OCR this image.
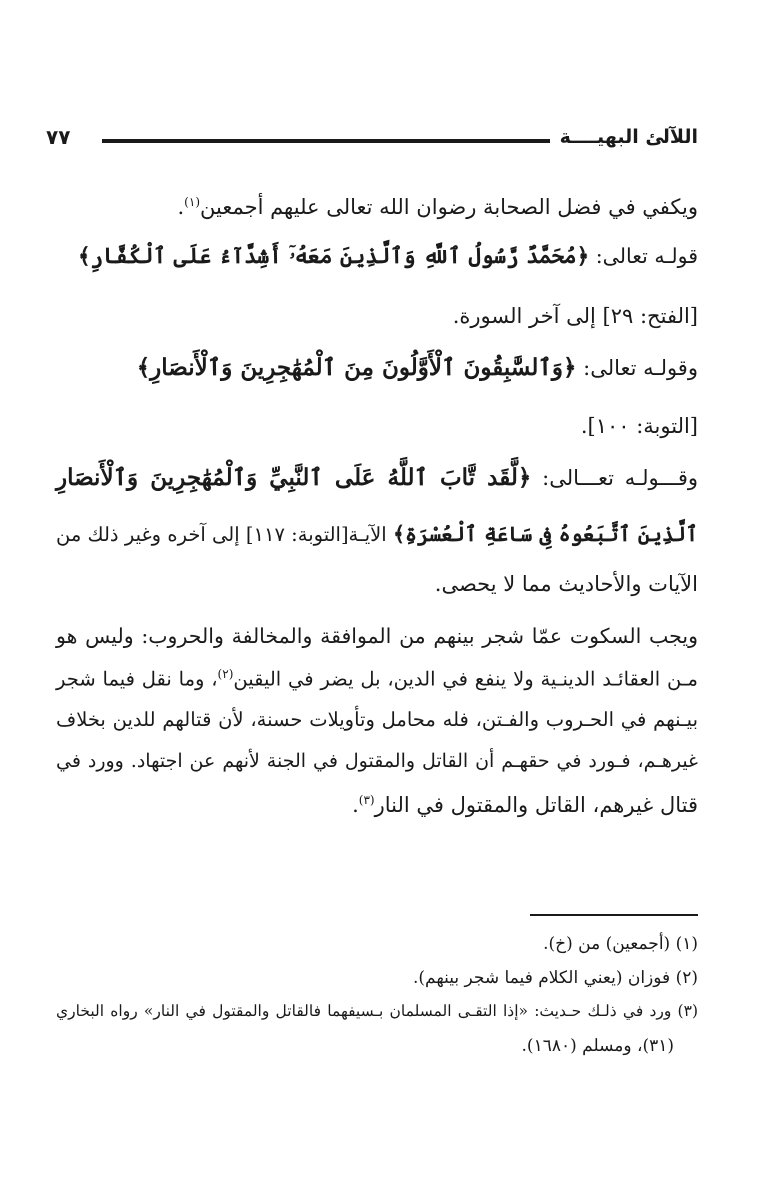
اللآلئ البهيــــة
٧٧
ويكفي في فضل الصحابة رضوان الله تعالى عليهم أجمعين$^{(١)}$.
قولـه تعالى: ﴿مُحَمَّدٌ رَّسُولُ ٱللَّهِ وَٱلَّذِينَ مَعَهُۥٓ أَشِدَّآءُ عَلَى ٱلْكُفَّارِ﴾
[الفتح: ٢٩] إلى آخر السورة.
وقولـه تعالى: ﴿وَٱلسَّٰبِقُونَ ٱلْأَوَّلُونَ مِنَ ٱلْمُهَٰجِرِينَ وَٱلْأَنصَارِ﴾
[التوبة: ١٠٠].
وقـــولـه تعـــالى: ﴿لَّقَد تَّابَ ٱللَّهُ عَلَى ٱلنَّبِيِّ وَٱلْمُهَٰجِرِينَ وَٱلْأَنصَارِ
ٱلَّذِينَ ٱتَّبَعُوهُ فِى سَاعَةِ ٱلْعُسْرَةِ﴾ الآيـة[التوبة: ١١٧] إلى آخره وغير ذلك من
الآيات والأحاديث مما لا يحصى.
ويجب السكوت عمّا شجر بينهم من الموافقة والمخالفة والحروب: وليس هو
مـن العقائـد الدينـية ولا ينفع في الدين، بل يضر في اليقين$^{(٢)}$، وما نقل فيما شجر
بيـنهم في الحـروب والفـتن، فله محامل وتأويلات حسنة، لأن قتالهم للدين بخلاف
غيرهـم، فـورد في حقهـم أن القاتل والمقتول في الجنة لأنهم عن اجتهاد. وورد في
قتال غيرهم، القاتل والمقتول في النار$^{(٣)}$.
(١) (أجمعين) من (خ).
(٢) فوزان (يعني الكلام فيما شجر بينهم).
(٣) ورد في ذلـك حـديث: «إذا التقـى المسلمان بـسيفهما فالقاتل والمقتول في النار» رواه البخاري
(٣١)، ومسلم (١٦٨٠).
